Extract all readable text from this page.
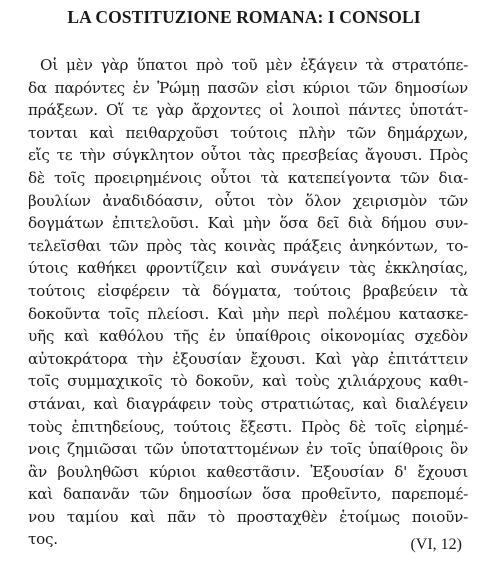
LA COSTITUZIONE ROMANA: I CONSOLI
Οἱ μὲν γὰρ ὕπατοι πρὸ τοῦ μὲν ἐξάγειν τὰ στρατόπε-
δα παρόντες ἐν Ῥώμῃ πασῶν εἰσι κύριοι τῶν δημοσίων
πράξεων. Οἵ τε γὰρ ἄρχοντες οἱ λοιποὶ πάντες ὑποτάτ-
τονται καὶ πειθαρχοῦσι τούτοις πλὴν τῶν δημάρχων,
εἴς τε τὴν σύγκλητον οὗτοι τὰς πρεσβείας ἄγουσι. Πρὸς
δὲ τοῖς προειρημένοις οὗτοι τὰ κατεπείγοντα τῶν δια-
βουλίων ἀναδιδόασιν, οὗτοι τὸν ὅλον χειρισμὸν τῶν
δογμάτων ἐπιτελοῦσι. Καὶ μὴν ὅσα δεῖ διὰ δήμου συν-
τελεῖσθαι τῶν πρὸς τὰς κοινὰς πράξεις ἀνηκόντων, το-
ύτοις καθήκει φροντίζειν καὶ συνάγειν τὰς ἐκκλησίας,
τούτοις εἰσφέρειν τὰ δόγματα, τούτοις βραβεύειν τὰ
δοκοῦντα τοῖς πλείοσι. Καὶ μὴν περὶ πολέμου κατασκε-
υῆς καὶ καθόλου τῆς ἐν ὑπαίθροις οἰκονομίας σχεδὸν
αὐτοκράτορα τὴν ἐξουσίαν ἔχουσι. Καὶ γὰρ ἐπιτάττειν
τοῖς συμμαχικοῖς τὸ δοκοῦν, καὶ τοὺς χιλιάρχους καθι-
στάναι, καὶ διαγράφειν τοὺς στρατιώτας, καὶ διαλέγειν
τοὺς ἐπιτηδείους, τούτοις ἔξεστι. Πρὸς δὲ τοῖς εἰρημέ-
νοις ζημιῶσαι τῶν ὑποταττομένων ἐν τοῖς ὑπαίθροις ὃν
ἂν βουληθῶσι κύριοι καθεστᾶσιν. Ἐξουσίαν δ' ἔχουσι
καὶ δαπανᾶν τῶν δημοσίων ὅσα προθεῖντο, παρεπομέ-
νου ταμίου καὶ πᾶν τὸ προσταχθὲν ἑτοίμως ποιοῦν-
τος.	(VI, 12)
